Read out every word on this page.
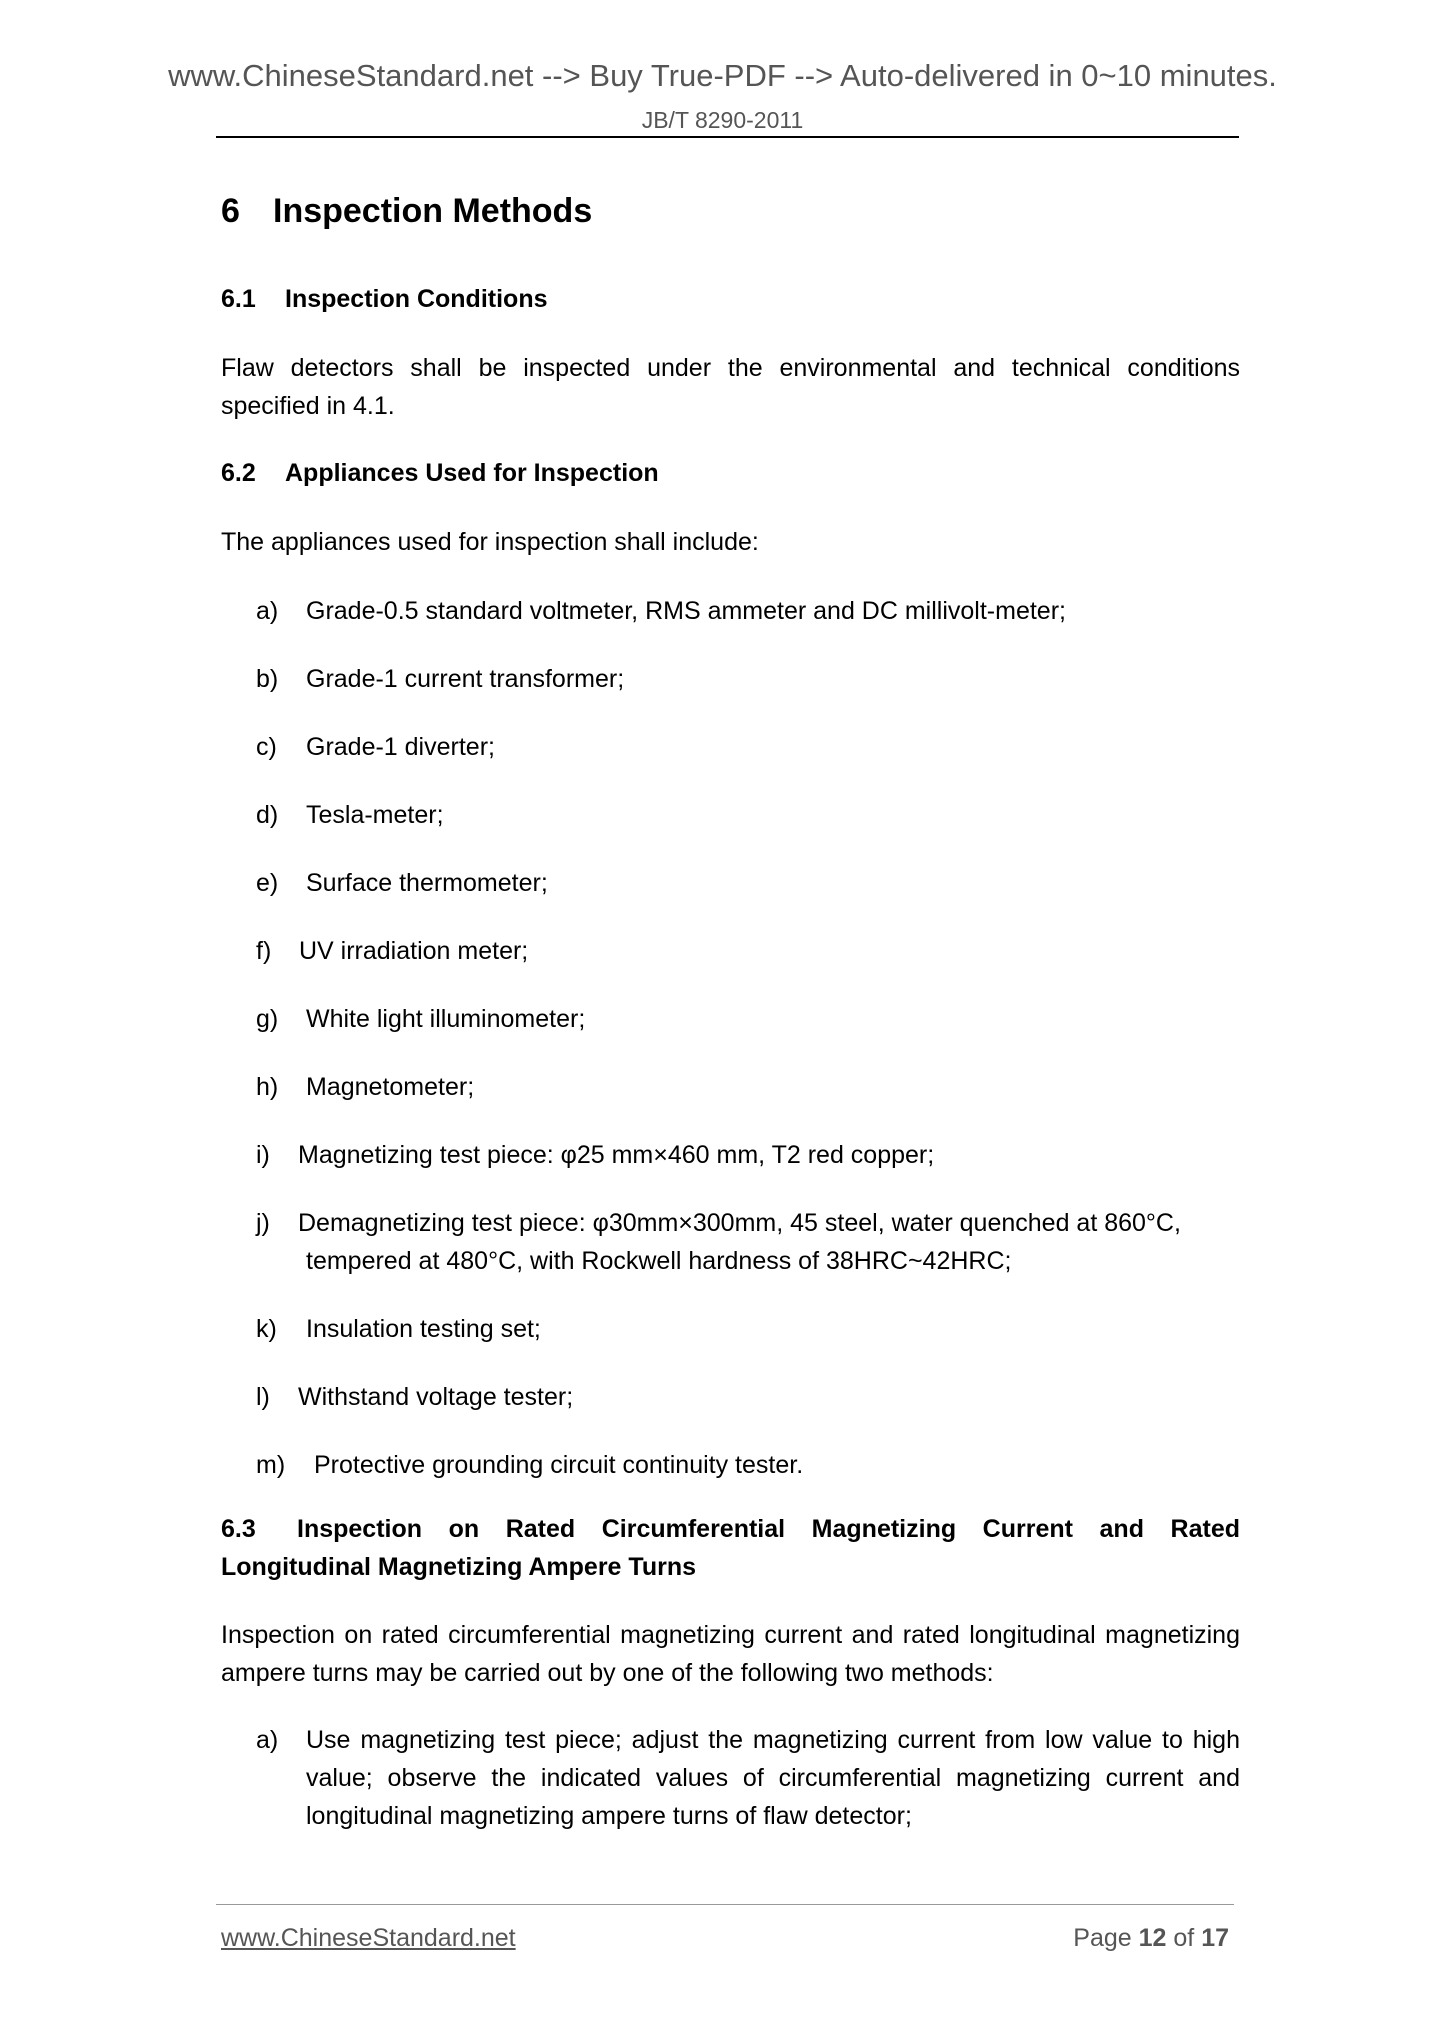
www.ChineseStandard.net --> Buy True-PDF --> Auto-delivered in 0~10 minutes.
JB/T 8290-2011
6 Inspection Methods
6.1 Inspection Conditions
Flaw detectors shall be inspected under the environmental and technical conditions specified in 4.1.
6.2 Appliances Used for Inspection
The appliances used for inspection shall include:
a) Grade-0.5 standard voltmeter, RMS ammeter and DC millivolt-meter;
b) Grade-1 current transformer;
c) Grade-1 diverter;
d) Tesla-meter;
e) Surface thermometer;
f) UV irradiation meter;
g) White light illuminometer;
h) Magnetometer;
i) Magnetizing test piece: φ25 mm×460 mm, T2 red copper;
j) Demagnetizing test piece: φ30mm×300mm, 45 steel, water quenched at 860°C,
tempered at 480°C, with Rockwell hardness of 38HRC~42HRC;
k) Insulation testing set;
l) Withstand voltage tester;
m) Protective grounding circuit continuity tester.
6.3 Inspection on Rated Circumferential Magnetizing Current and Rated Longitudinal Magnetizing Ampere Turns
Inspection on rated circumferential magnetizing current and rated longitudinal magnetizing ampere turns may be carried out by one of the following two methods:
a) Use magnetizing test piece; adjust the magnetizing current from low value to high value; observe the indicated values of circumferential magnetizing current and longitudinal magnetizing ampere turns of flaw detector;
www.ChineseStandard.net	Page 12 of 17
